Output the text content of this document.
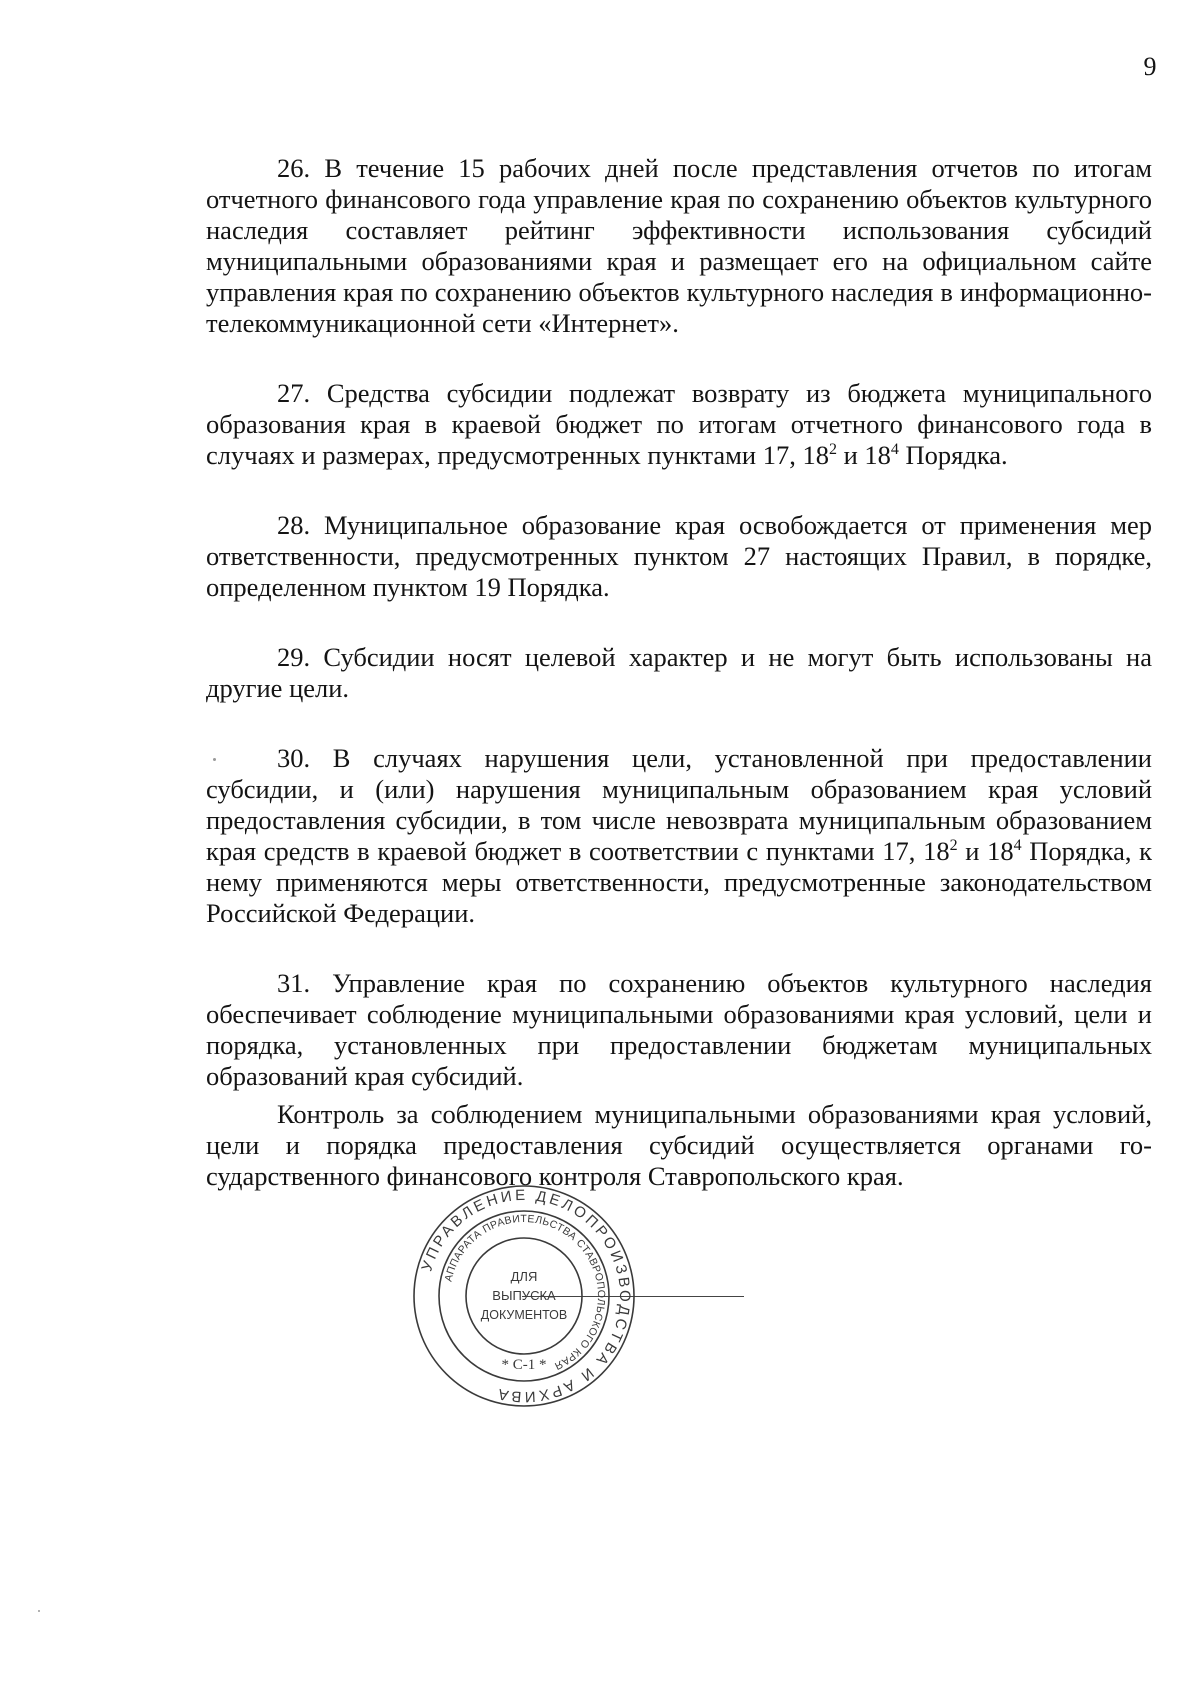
9

26. В течение 15 рабочих дней после представления отчетов по итогам отчетного финансового года управление края по сохранению объектов культурного наследия составляет рейтинг эффективности использования субсидий муниципальными образованиями края и размещает его на официальном сайте управления края по сохранению объектов культурного наследия в информационно-телекоммуникационной сети «Интернет».

27. Средства субсидии подлежат возврату из бюджета муниципального образования края в краевой бюджет по итогам отчетного финансового года в случаях и размерах, предусмотренных пунктами 17, $18^2$ и $18^4$ Порядка.

28. Муниципальное образование края освобождается от применения мер ответственности, предусмотренных пунктом 27 настоящих Правил, в порядке, определенном пунктом 19 Порядка.

29. Субсидии носят целевой характер и не могут быть использованы на другие цели.

30. В случаях нарушения цели, установленной при предоставлении субсидии, и (или) нарушения муниципальным образованием края условий предоставления субсидии, в том числе невозврата муниципальным образованием края средств в краевой бюджет в соответствии с пунктами 17, $18^2$ и $18^4$ Порядка, к нему применяются меры ответственности, предусмотренные законодательством Российской Федерации.

31. Управление края по сохранению объектов культурного наследия обеспечивает соблюдение муниципальными образованиями края условий, цели и порядка, установленных при предоставлении бюджетам муниципальных образований края субсидий.

Контроль за соблюдением муниципальными образованиями края условий, цели и порядка предоставления субсидий осуществляется органами государственного финансового контроля Ставропольского края.

УПРАВЛЕНИЕ ДЕЛОПРОИЗВОДСТВА И АРХИВА
АППАРАТА ПРАВИТЕЛЬСТВА СТАВРОПОЛЬСКОГО КРАЯ
ДЛЯ
ВЫПУСКА
ДОКУМЕНТОВ
* С-1 *
